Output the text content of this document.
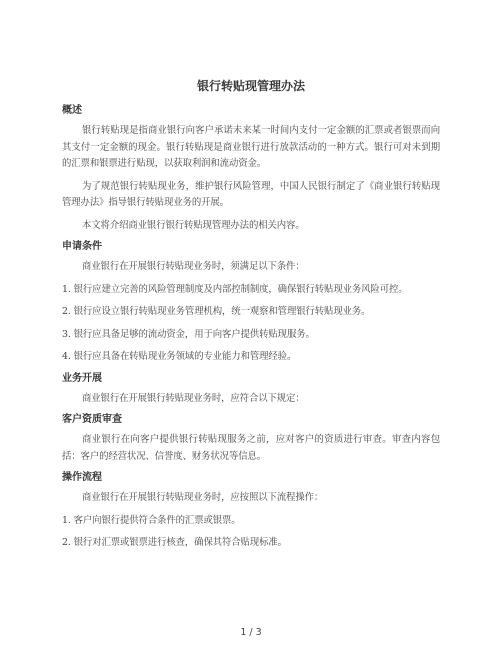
银行转贴现管理办法
概述

银行转贴现是指商业银行向客户承诺未来某一时间内支付一定金额的汇票或者银票而向其支付一定金额的现金。银行转贴现是商业银行进行放款活动的一种方式。银行可对未到期的汇票和银票进行贴现，以获取利润和流动资金。

为了规范银行转贴现业务，维护银行风险管理，中国人民银行制定了《商业银行转贴现管理办法》指导银行转贴现业务的开展。

本文将介绍商业银行银行转贴现管理办法的相关内容。

申请条件

商业银行在开展银行转贴现业务时，须满足以下条件：

1. 银行应建立完善的风险管理制度及内部控制制度，确保银行转贴现业务风险可控。

2. 银行应设立银行转贴现业务管理机构，统一观察和管理银行转贴现业务。

3. 银行应具备足够的流动资金，用于向客户提供转贴现服务。

4. 银行应具备在转贴现业务领域的专业能力和管理经验。

业务开展

商业银行在开展银行转贴现业务时，应符合以下规定：

客户资质审查

商业银行在向客户提供银行转贴现服务之前，应对客户的资质进行审查。审查内容包括：客户的经营状况、信誉度、财务状况等信息。

操作流程

商业银行在开展银行转贴现业务时，应按照以下流程操作：

1. 客户向银行提供符合条件的汇票或银票。

2. 银行对汇票或银票进行核查，确保其符合贴现标准。

1 / 3
